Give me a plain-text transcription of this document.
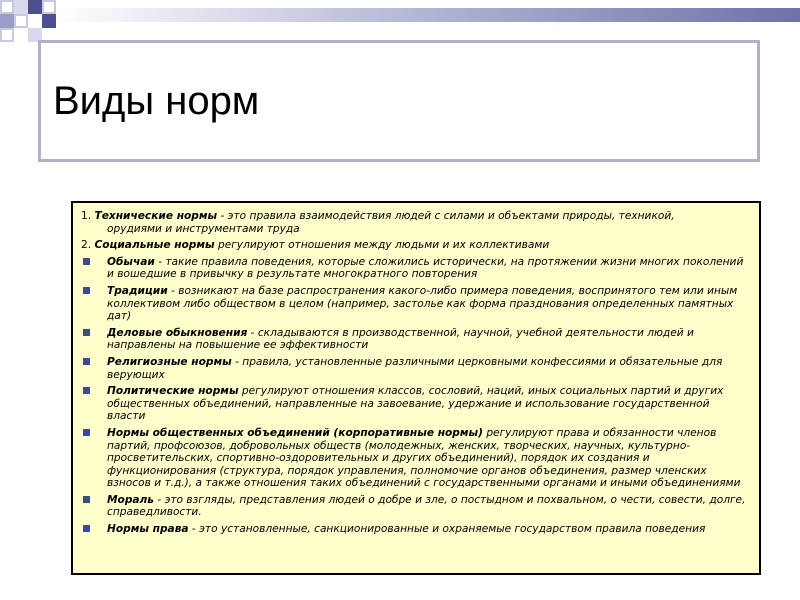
Виды норм
1. Технические нормы - это правила взаимодействия людей с силами и объектами природы, техникой,
орудиями и инструментами труда
2. Социальные нормы регулируют отношения между людьми и их коллективами
Обычаи - такие правила поведения, которые сложились исторически, на протяжении жизни многих поколений и вошедшие в привычку в результате многократного повторения
Традиции - возникают на базе распространения какого-либо примера поведения, воспринятого тем или иным коллективом либо обществом в целом (например, застолье как форма празднования определенных памятных дат)
Деловые обыкновения - складываются в производственной, научной, учебной деятельности людей и направлены на повышение ее эффективности
Религиозные нормы - правила, установленные различными церковными конфессиями и обязательные для верующих
Политические нормы регулируют отношения классов, сословий, наций, иных социальных партий и других общественных объединений, направленные на завоевание, удержание и использование государственной власти
Нормы общественных объединений (корпоративные нормы) регулируют права и обязанности членов партий, профсоюзов, добровольных обществ (молодежных, женских, творческих, научных, культурно-просветительских, спортивно-оздоровительных и других объединений), порядок их создания и функционирования (структура, порядок управления, полномочие органов объединения, размер членских взносов и т.д.), а также отношения таких объединений с государственными органами и иными объединениями
Мораль - это взгляды, представления людей о добре и зле, о постыдном и похвальном, о чести, совести, долге, справедливости.
Нормы права - это установленные, санкционированные и охраняемые государством правила поведения
